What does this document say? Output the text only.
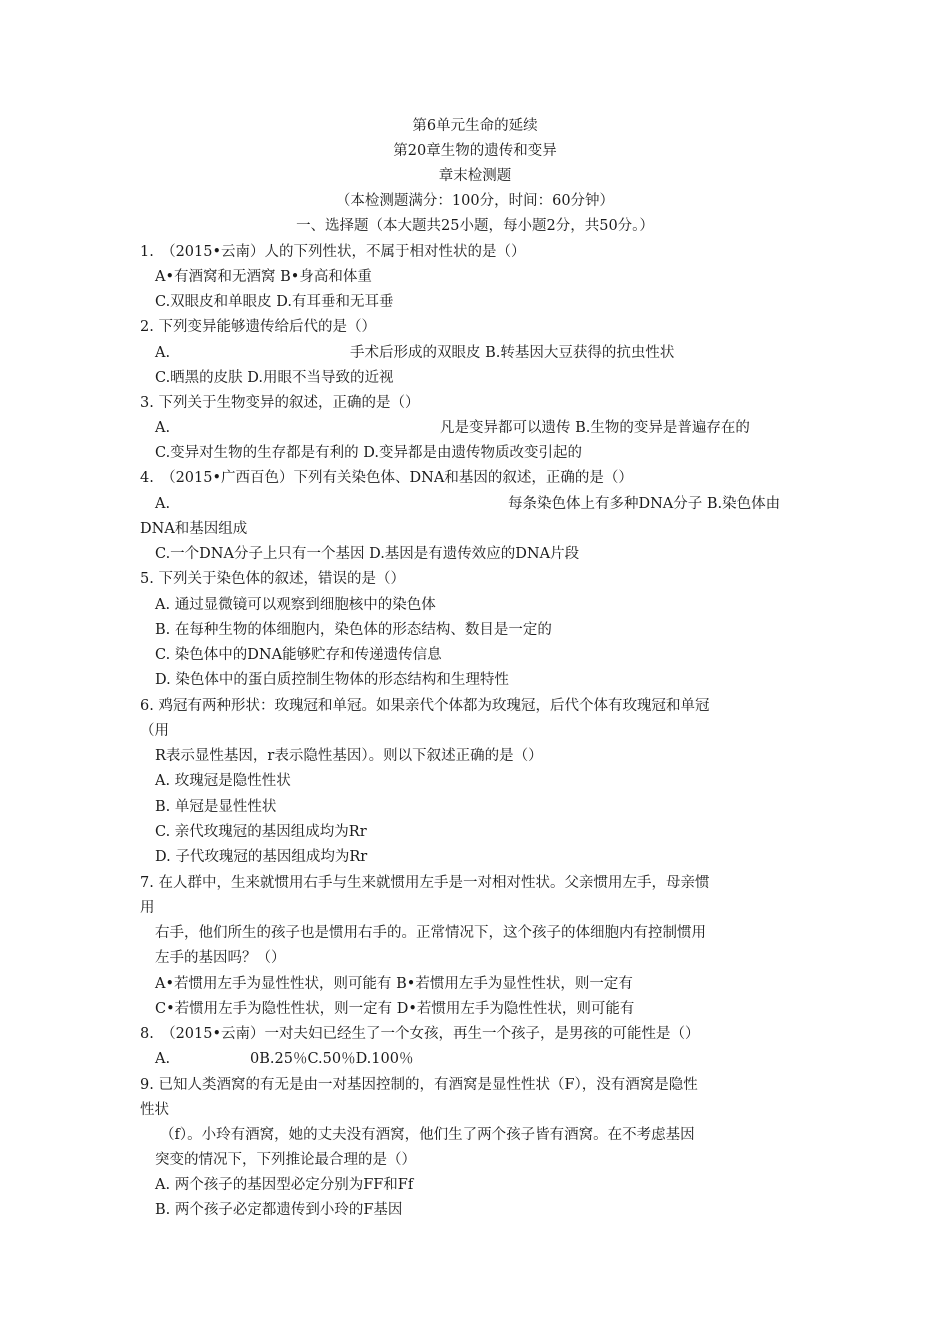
第6单元生命的延续
第20章生物的遗传和变异
章末检测题
（本检测题满分：100分，时间：60分钟）
一、选择题（本大题共25小题，每小题2分，共50分。）
1.　（2015•云南）人的下列性状，不属于相对性状的是（）
A•有酒窝和无酒窝 B•身高和体重
C.双眼皮和单眼皮 D.有耳垂和无耳垂
2. 下列变异能够遗传给后代的是（）
A.	手术后形成的双眼皮 B.转基因大豆获得的抗虫性状
C.晒黑的皮肤 D.用眼不当导致的近视
3. 下列关于生物变异的叙述，正确的是（）
A.	凡是变异都可以遗传 B.生物的变异是普遍存在的
C.变异对生物的生存都是有利的 D.变异都是由遗传物质改变引起的
4.　（2015•广西百色）下列有关染色体、DNA和基因的叙述，正确的是（）
A.	每条染色体上有多种DNA分子 B.染色体由
DNA和基因组成
C.一个DNA分子上只有一个基因 D.基因是有遗传效应的DNA片段
5. 下列关于染色体的叙述，错误的是（）
A. 通过显微镜可以观察到细胞核中的染色体
B. 在每种生物的体细胞内，染色体的形态结构、数目是一定的
C. 染色体中的DNA能够贮存和传递遗传信息
D. 染色体中的蛋白质控制生物体的形态结构和生理特性
6. 鸡冠有两种形状：玫瑰冠和单冠。如果亲代个体都为玫瑰冠，后代个体有玫瑰冠和单冠
（用
R表示显性基因，r表示隐性基因）。则以下叙述正确的是（）
A. 玫瑰冠是隐性性状
B. 单冠是显性性状
C. 亲代玫瑰冠的基因组成均为Rr
D. 子代玫瑰冠的基因组成均为Rr
7. 在人群中，生来就惯用右手与生来就惯用左手是一对相对性状。父亲惯用左手，母亲惯
用
右手，他们所生的孩子也是惯用右手的。正常情况下，这个孩子的体细胞内有控制惯用
左手的基因吗？（）
A•若惯用左手为显性性状，则可能有 B•若惯用左手为显性性状，则一定有
C•若惯用左手为隐性性状，则一定有 D•若惯用左手为隐性性状，则可能有
8.　（2015•云南）一对夫妇已经生了一个女孩，再生一个孩子，是男孩的可能性是（）
A.	0B.25％C.50％D.100％
9. 已知人类酒窝的有无是由一对基因控制的，有酒窝是显性性状（F），没有酒窝是隐性
性状
（f）。小玲有酒窝，她的丈夫没有酒窝，他们生了两个孩子皆有酒窝。在不考虑基因
突变的情况下，下列推论最合理的是（）
A. 两个孩子的基因型必定分别为FF和Ff
B. 两个孩子必定都遗传到小玲的F基因
